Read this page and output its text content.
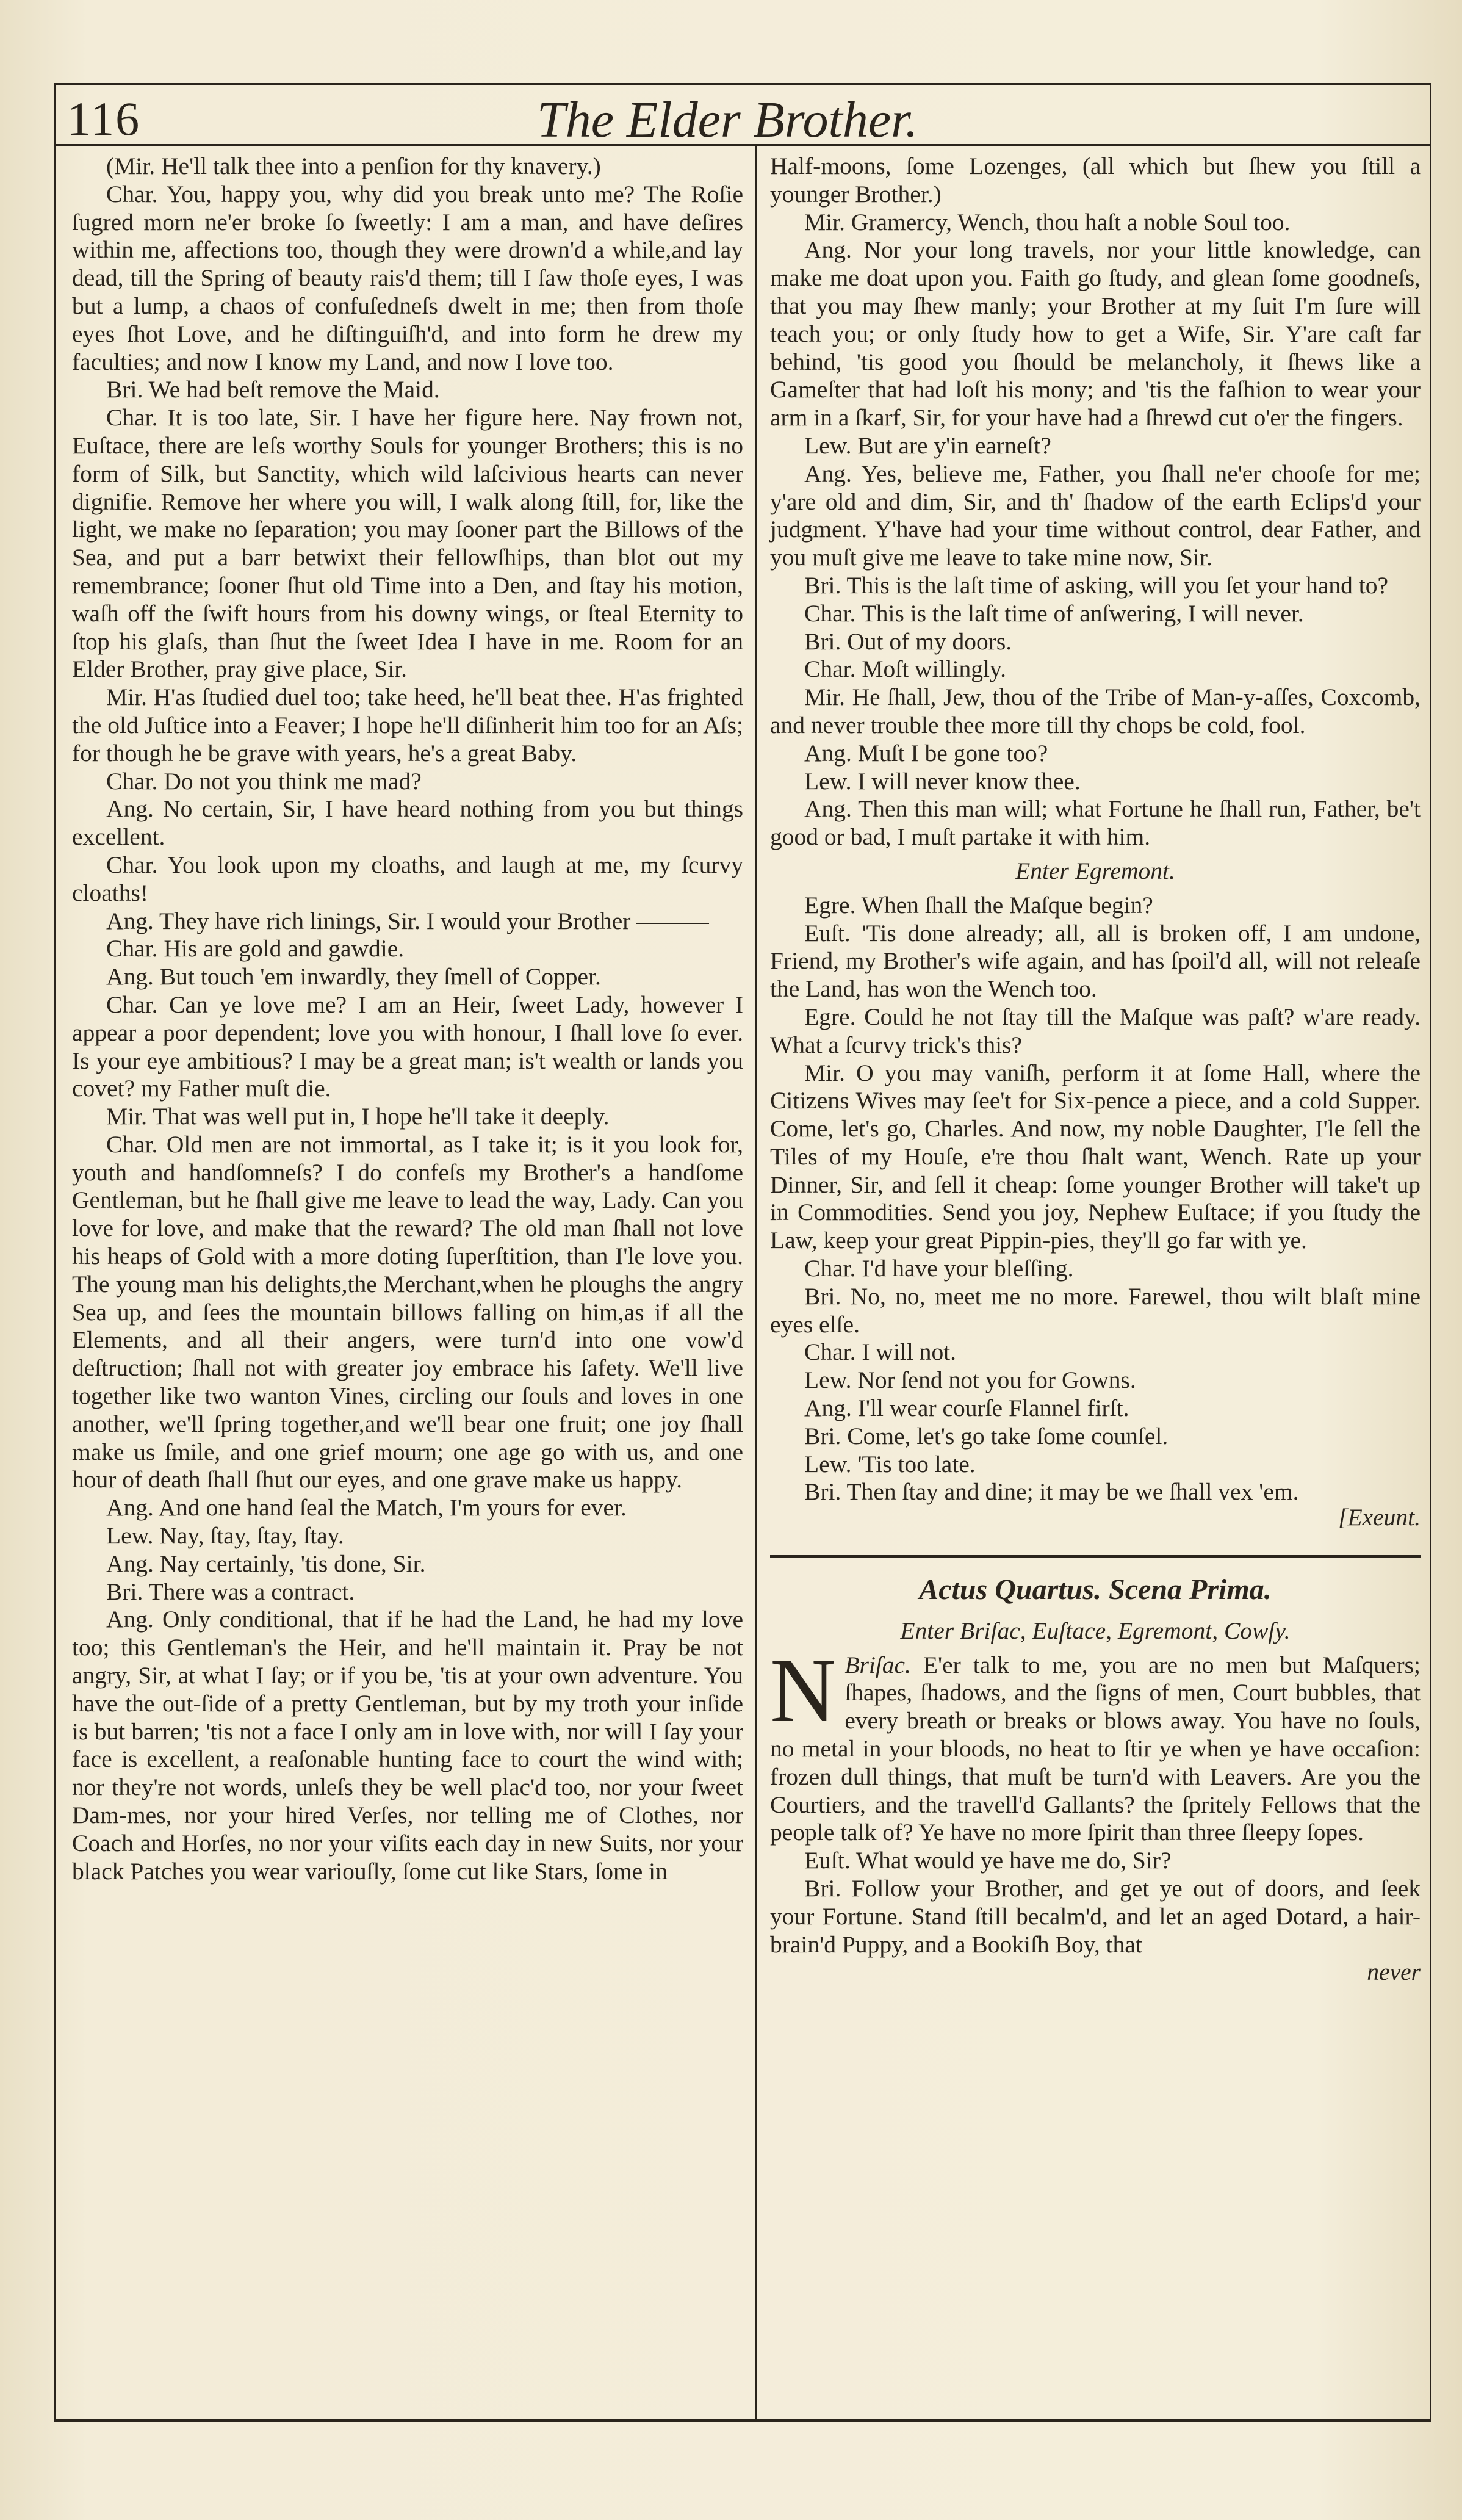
116	The Elder Brother.

(Mir. He'll talk thee into a penſion for thy knavery.)

Char. You, happy you, why did you break unto me? The Roſie ſugred morn ne'er broke ſo ſweetly: I am a man, and have deſires within me, affections too, though they were drown'd a while,and lay dead, till the Spring of beauty rais'd them; till I ſaw thoſe eyes, I was but a lump, a chaos of confuſedneſs dwelt in me; then from thoſe eyes ſhot Love, and he diſtinguiſh'd, and into form he drew my faculties; and now I know my Land, and now I love too.

Bri. We had beſt remove the Maid.

Char. It is too late, Sir. I have her figure here. Nay frown not, Euſtace, there are leſs worthy Souls for younger Brothers; this is no form of Silk, but Sanctity, which wild laſcivious hearts can never dignifie. Remove her where you will, I walk along ſtill, for, like the light, we make no ſeparation; you may ſooner part the Billows of the Sea, and put a barr betwixt their fellowſhips, than blot out my remembrance; ſooner ſhut old Time into a Den, and ſtay his motion, waſh off the ſwift hours from his downy wings, or ſteal Eternity to ſtop his glaſs, than ſhut the ſweet Idea I have in me. Room for an Elder Brother, pray give place, Sir.

Mir. H'as ſtudied duel too; take heed, he'll beat thee. H'as frighted the old Juſtice into a Feaver; I hope he'll diſinherit him too for an Aſs; for though he be grave with years, he's a great Baby.

Char. Do not you think me mad?

Ang. No certain, Sir, I have heard nothing from you but things excellent.

Char. You look upon my cloaths, and laugh at me, my ſcurvy cloaths!

Ang. They have rich linings, Sir. I would your Brother ———

Char. His are gold and gawdie.

Ang. But touch 'em inwardly, they ſmell of Copper.

Char. Can ye love me? I am an Heir, ſweet Lady, however I appear a poor dependent; love you with honour, I ſhall love ſo ever. Is your eye ambitious? I may be a great man; is't wealth or lands you covet? my Father muſt die.

Mir. That was well put in, I hope he'll take it deeply.

Char. Old men are not immortal, as I take it; is it you look for, youth and handſomneſs? I do confeſs my Brother's a handſome Gentleman, but he ſhall give me leave to lead the way, Lady. Can you love for love, and make that the reward? The old man ſhall not love his heaps of Gold with a more doting ſuperſtition, than I'le love you. The young man his delights,the Merchant,when he ploughs the angry Sea up, and ſees the mountain billows falling on him,as if all the Elements, and all their angers, were turn'd into one vow'd deſtruction; ſhall not with greater joy embrace his ſafety. We'll live together like two wanton Vines, circling our ſouls and loves in one another, we'll ſpring together,and we'll bear one fruit; one joy ſhall make us ſmile, and one grief mourn; one age go with us, and one hour of death ſhall ſhut our eyes, and one grave make us happy.

Ang. And one hand ſeal the Match, I'm yours for ever.

Lew. Nay, ſtay, ſtay, ſtay.

Ang. Nay certainly, 'tis done, Sir.

Bri. There was a contract.

Ang. Only conditional, that if he had the Land, he had my love too; this Gentleman's the Heir, and he'll maintain it. Pray be not angry, Sir, at what I ſay; or if you be, 'tis at your own adventure. You have the out-ſide of a pretty Gentleman, but by my troth your inſide is but barren; 'tis not a face I only am in love with, nor will I ſay your face is excellent, a reaſonable hunting face to court the wind with; nor they're not words, unleſs they be well plac'd too, nor your ſweet Dam-mes, nor your hired Verſes, nor telling me of Clothes, nor Coach and Horſes, no nor your viſits each day in new Suits, nor your black Patches you wear variouſly, ſome cut like Stars, ſome in

Half-moons, ſome Lozenges, (all which but ſhew you ſtill a younger Brother.)

Mir. Gramercy, Wench, thou haſt a noble Soul too.

Ang. Nor your long travels, nor your little knowledge, can make me doat upon you. Faith go ſtudy, and glean ſome goodneſs, that you may ſhew manly; your Brother at my ſuit I'm ſure will teach you; or only ſtudy how to get a Wife, Sir. Y'are caſt far behind, 'tis good you ſhould be melancholy, it ſhews like a Gameſter that had loſt his mony; and 'tis the faſhion to wear your arm in a ſkarf, Sir, for your have had a ſhrewd cut o'er the fingers.

Lew. But are y'in earneſt?

Ang. Yes, believe me, Father, you ſhall ne'er chooſe for me; y'are old and dim, Sir, and th' ſhadow of the earth Eclips'd your judgment. Y'have had your time without control, dear Father, and you muſt give me leave to take mine now, Sir.

Bri. This is the laſt time of asking, will you ſet your hand to?

Char. This is the laſt time of anſwering, I will never.

Bri. Out of my doors.

Char. Moſt willingly.

Mir. He ſhall, Jew, thou of the Tribe of Man-y-aſſes, Coxcomb, and never trouble thee more till thy chops be cold, fool.

Ang. Muſt I be gone too?

Lew. I will never know thee.

Ang. Then this man will; what Fortune he ſhall run, Father, be't good or bad, I muſt partake it with him.

Enter Egremont.

Egre. When ſhall the Maſque begin?

Euſt. 'Tis done already; all, all is broken off, I am undone, Friend, my Brother's wife again, and has ſpoil'd all, will not releaſe the Land, has won the Wench too.

Egre. Could he not ſtay till the Maſque was paſt? w'are ready. What a ſcurvy trick's this?

Mir. O you may vaniſh, perform it at ſome Hall, where the Citizens Wives may ſee't for Six-pence a piece, and a cold Supper. Come, let's go, Charles. And now, my noble Daughter, I'le ſell the Tiles of my Houſe, e're thou ſhalt want, Wench. Rate up your Dinner, Sir, and ſell it cheap: ſome younger Brother will take't up in Commodities. Send you joy, Nephew Euſtace; if you ſtudy the Law, keep your great Pippin-pies, they'll go far with ye.

Char. I'd have your bleſſing.

Bri. No, no, meet me no more. Farewel, thou wilt blaſt mine eyes elſe.

Char. I will not.

Lew. Nor ſend not you for Gowns.

Ang. I'll wear courſe Flannel firſt.

Bri. Come, let's go take ſome counſel.

Lew. 'Tis too late.

Bri. Then ſtay and dine; it may be we ſhall vex 'em.

[Exeunt.

Actus Quartus. Scena Prima.

Enter Briſac, Euſtace, Egremont, Cowſy.

Briſac.
N	E'er talk to me, you are no men but Maſquers; ſhapes, ſhadows, and the ſigns of men, Court bubbles, that every breath or breaks or blows away. You have no ſouls, no metal in your bloods, no heat to ſtir ye when ye have occaſion: frozen dull things, that muſt be turn'd with Leavers. Are you the Courtiers, and the travell'd Gallants? the ſpritely Fellows that the people talk of? Ye have no more ſpirit than three ſleepy ſopes.

Euſt. What would ye have me do, Sir?

Bri. Follow your Brother, and get ye out of doors, and ſeek your Fortune. Stand ſtill becalm'd, and let an aged Dotard, a hair-brain'd Puppy, and a Bookiſh Boy, that

never
